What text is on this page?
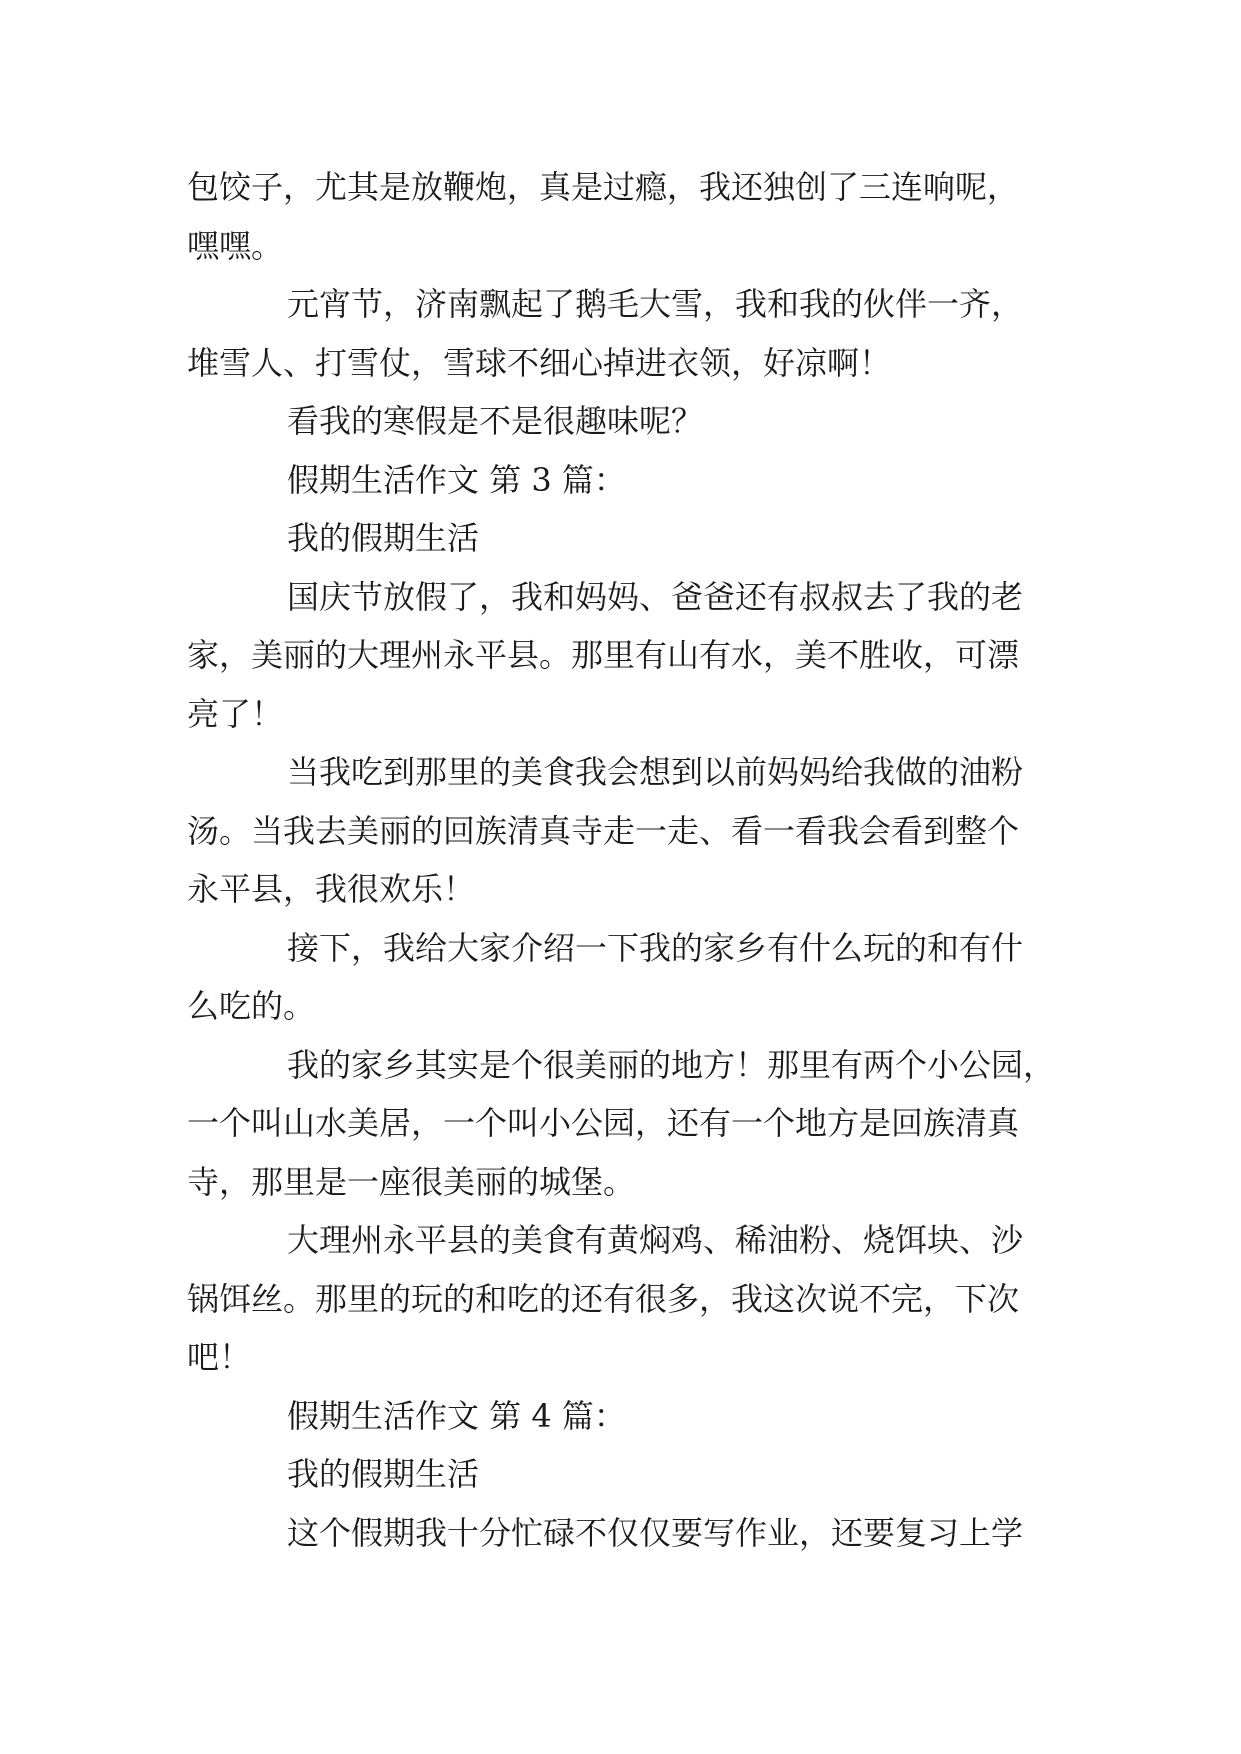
包饺子，尤其是放鞭炮，真是过瘾，我还独创了三连响呢，
嘿嘿。
元宵节，济南飘起了鹅毛大雪，我和我的伙伴一齐，
堆雪人、打雪仗，雪球不细心掉进衣领，好凉啊！
看我的寒假是不是很趣味呢？
假期生活作文 第 3 篇：
我的假期生活
国庆节放假了，我和妈妈、爸爸还有叔叔去了我的老
家，美丽的大理州永平县。那里有山有水，美不胜收，可漂
亮了！
当我吃到那里的美食我会想到以前妈妈给我做的油粉
汤。当我去美丽的回族清真寺走一走、看一看我会看到整个
永平县，我很欢乐！
接下，我给大家介绍一下我的家乡有什么玩的和有什
么吃的。
我的家乡其实是个很美丽的地方！那里有两个小公园，
一个叫山水美居，一个叫小公园，还有一个地方是回族清真
寺，那里是一座很美丽的城堡。
大理州永平县的美食有黄焖鸡、稀油粉、烧饵块、沙
锅饵丝。那里的玩的和吃的还有很多，我这次说不完，下次
吧！
假期生活作文 第 4 篇：
我的假期生活
这个假期我十分忙碌不仅仅要写作业，还要复习上学
